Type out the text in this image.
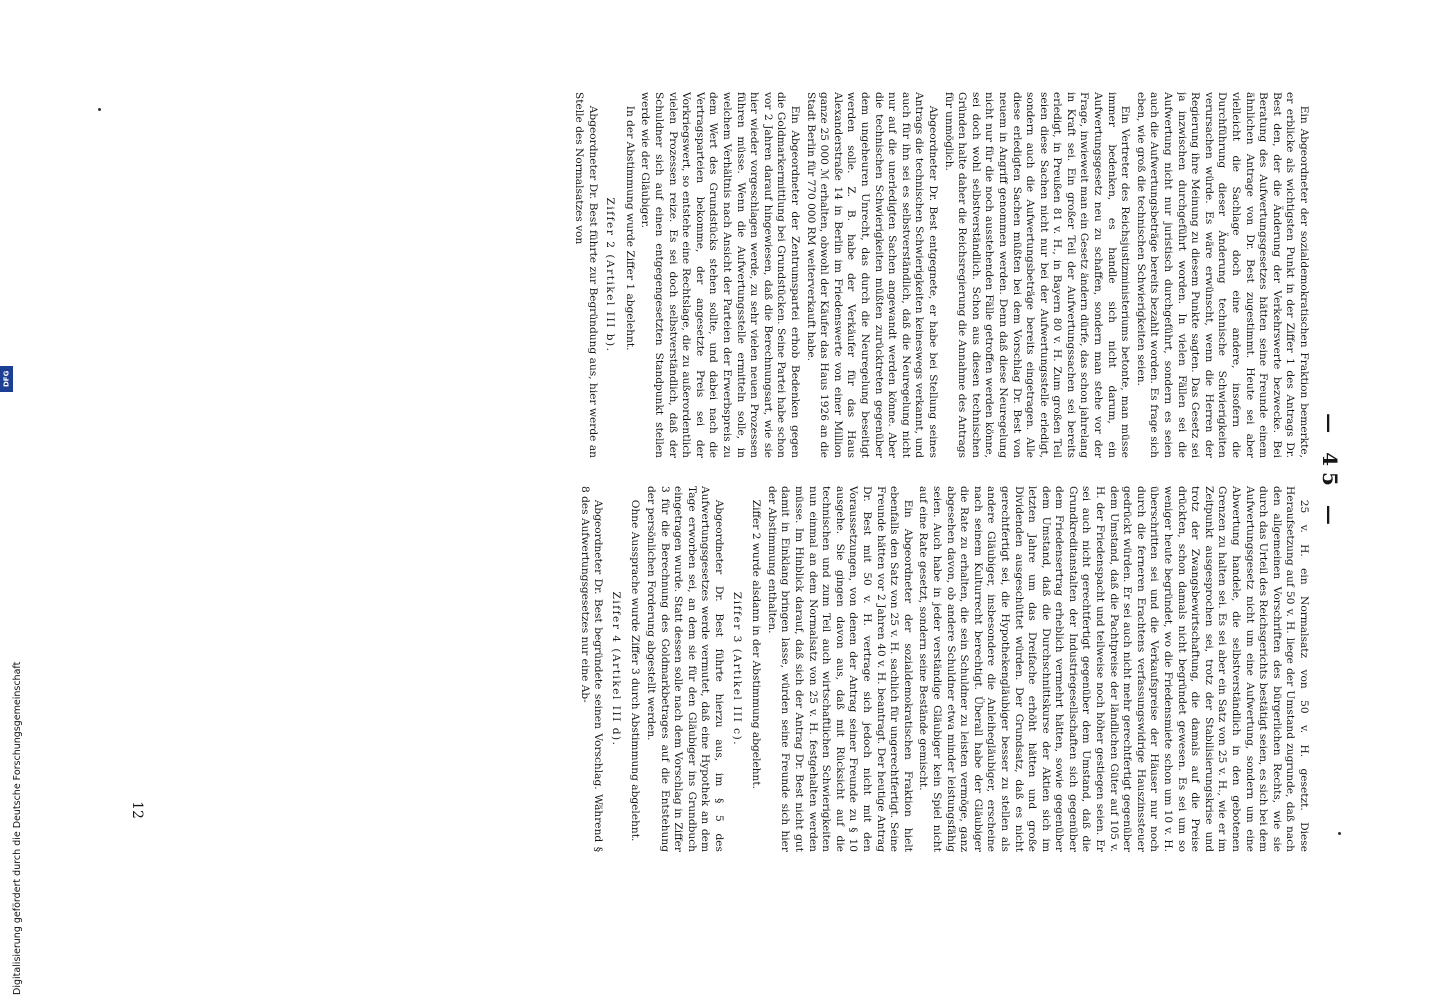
— 45 —

Ein Abgeordneter der sozialdemokratischen Fraktion bemerkte, er erblicke als wichtigsten Punkt in der Ziffer 1 des Antrags Dr. Best den, der die Änderung der Verkehrswerte bezwecke. Bei Beratung des Aufwertungsgesetzes hätten seine Freunde einem ähnlichen Antrage von Dr. Best zugestimmt. Heute sei aber vielleicht die Sachlage doch eine andere, insofern die Durchführung dieser Änderung technische Schwierigkeiten verursachen würde. Es wäre erwünscht, wenn die Herren der Regierung ihre Meinung zu diesem Punkte sagten. Das Gesetz sei ja inzwischen durchgeführt worden. In vielen Fällen sei die Aufwertung nicht nur juristisch durchgeführt, sondern es seien auch die Aufwertungsbeträge bereits bezahlt worden. Es frage sich eben, wie groß die technischen Schwierigkeiten seien.

Ein Vertreter des Reichsjustizministeriums betonte, man müsse immer bedenken, es handle sich nicht darum, ein Aufwertungsgesetz neu zu schaffen, sondern man stehe vor der Frage, inwieweit man ein Gesetz ändern dürfe, das schon jahrelang in Kraft sei. Ein großer Teil der Aufwertungssachen sei bereits erledigt, in Preußen 81 v. H., in Bayern 80 v. H. Zum großen Teil seien diese Sachen nicht nur bei der Aufwertungsstelle erledigt, sondern auch die Aufwertungsbeträge bereits eingetragen. Alle diese erledigten Sachen müßten bei dem Vorschlag Dr. Best von neuem in Angriff genommen werden. Denn daß diese Neuregelung nicht nur für die noch ausstehenden Fälle getroffen werden könne, sei doch wohl selbstverständlich. Schon aus diesen technischen Gründen halte daher die Reichsregierung die Annahme des Antrags für unmöglich.

Abgeordneter Dr. Best entgegnete, er habe bei Stellung seines Antrags die technischen Schwierigkeiten keineswegs verkannt, und auch für ihn sei es selbstverständlich, daß die Neuregelung nicht nur auf die unerledigten Sachen angewandt werden könne. Aber die technischen Schwierigkeiten müßten zurücktreten gegenüber dem ungeheuren Unrecht, das durch die Neuregelung beseitigt werden solle. Z. B. habe der Verkäufer für das Haus Alexanderstraße 14 in Berlin im Friedenswerte von einer Million ganze 25 000 ℳ erhalten, obwohl der Käufer das Haus 1926 an die Stadt Berlin für 770 000 RM weiterverkauft habe.

Ein Abgeordneter der Zentrumspartei erhob Bedenken gegen die Goldmarkermittlung bei Grundstücken. Seine Partei habe schon vor 2 Jahren darauf hingewiesen, daß die Berechnungsart, wie sie hier wieder vorgeschlagen werde, zu sehr vielen neuen Prozessen führen müsse. Wenn die Aufwertungsstelle ermitteln solle, in welchem Verhältnis nach Ansicht der Parteien der Erwerbspreis zu dem Wert des Grundstücks stehen sollte, und dabei nach die Vertragsparteien bekomme, der angesetzte Preis sei der Vorkriegswert, so entstehe eine Rechtslage, die zu außerordentlich vielen Prozessen reize. Es sei doch selbstverständlich, daß der Schuldner sich auf einen entgegengesetzten Standpunkt stellen werde wie der Gläubiger.

In der Abstimmung wurde Ziffer 1 abgelehnt.

Ziffer 2 (Artikel III b).

Abgeordneter Dr. Best führte zur Begründung aus, hier werde an Stelle des Normalsatzes von

25 v. H. ein Normalsatz von 50 v. H. gesetzt. Diese Heraufsetzung auf 50 v. H. liege der Umstand zugrunde, daß nach den allgemeinen Vorschriften des bürgerlichen Rechts, wie sie durch das Urteil des Reichsgerichts bestätigt seien, es sich bei dem Aufwertungsgesetz nicht um eine Aufwertung, sondern um eine Abwertung handele, die selbstverständlich in den gebotenen Grenzen zu halten sei. Es sei aber ein Satz von 25 v. H., wie er im Zeitpunkt ausgesprochen sei, trotz der Stabilisierungskrise und trotz der Zwangsbewirtschaftung, die damals auf die Preise drückten, schon damals nicht begründet gewesen. Es sei um so weniger heute begründet, wo die Friedensmiete schon um 10 v. H. überschritten sei und die Verkaufspreise der Häuser nur noch durch die ferneren Erachtens verfassungswidrige Hauszinssteuer gedrückt würden. Er sei auch nicht mehr gerechtfertigt gegenüber dem Umstand, daß die Pachtpreise der ländlichen Güter auf 105 v. H. der Friedenspacht und teilweise noch höher gestiegen seien. Er sei auch nicht gerechtfertigt gegenüber dem Umstand, daß die Grundkreditanstalten der Industriegesellschaften sich gegenüber dem Friedensertrag erheblich vermehrt hätten, sowie gegenüber dem Umstand, daß die Durchschnittskurse der Aktien sich im letzten Jahre um das Dreifache erhöht hätten und große Dividenden ausgeschüttet würden. Der Grundsatz, daß es nicht gerechtfertigt sei, die Hypothekengläubiger besser zu stellen als andere Gläubiger, insbesondere die Anleihegläubiger, erscheine nach seinem Kulturrecht berechtigt. Überall habe der Gläubiger die Rate zu erhalten, die sein Schuldner zu leisten vermöge, ganz abgesehen davon, ob andere Schuldner etwa minder leistungsfähig seien. Auch habe in jeder verständige Gläubiger kein Spiel nicht auf eine Rate gesetzt, sondern seine Bestände gemischt.

Ein Abgeordneter der sozialdemokratischen Fraktion hielt ebenfalls den Satz von 25 v. H. sachlich für ungerechtfertigt. Seine Freunde hätten vor 2 Jahren 40 v. H. beantragt. Der heutige Antrag Dr. Best mit 50 v. H. vertrage sich jedoch nicht mit den Voraussetzungen, von denen der Antrag seiner Freunde zu § 10 ausgehe. Sie gingen davon aus, daß mit Rücksicht auf die technischen und zum Teil auch wirtschaftlichen Schwierigkeiten nun einmal an dem Normalsatz von 25 v. H. festgehalten werden müsse. Im Hinblick darauf, daß sich der Antrag Dr. Best nicht gut damit in Einklang bringen lasse, würden seine Freunde sich hier der Abstimmung enthalten.

Ziffer 2 wurde alsdann in der Abstimmung abgelehnt.

Ziffer 3 (Artikel III c).

Abgeordneter Dr. Best führte hierzu aus, im § 5 des Aufwertungsgesetzes werde vermutet, daß eine Hypothek an dem Tage erworben sei, an dem sie für den Gläubiger ins Grundbuch eingetragen wurde. Statt dessen solle nach dem Vorschlag in Ziffer 3 für die Berechnung des Goldmarkbetrages auf die Entstehung der persönlichen Forderung abgestellt werden.

Ohne Aussprache wurde Ziffer 3 durch Abstimmung abgelehnt.

Ziffer 4 (Artikel III d).

Abgeordneter Dr. Best begründete seinen Vorschlag. Während § 8 des Aufwertungsgesetzes nur eine Ab-

12
DFG
Digitalisierung gefördert durch die Deutsche Forschungsgemeinschaft
